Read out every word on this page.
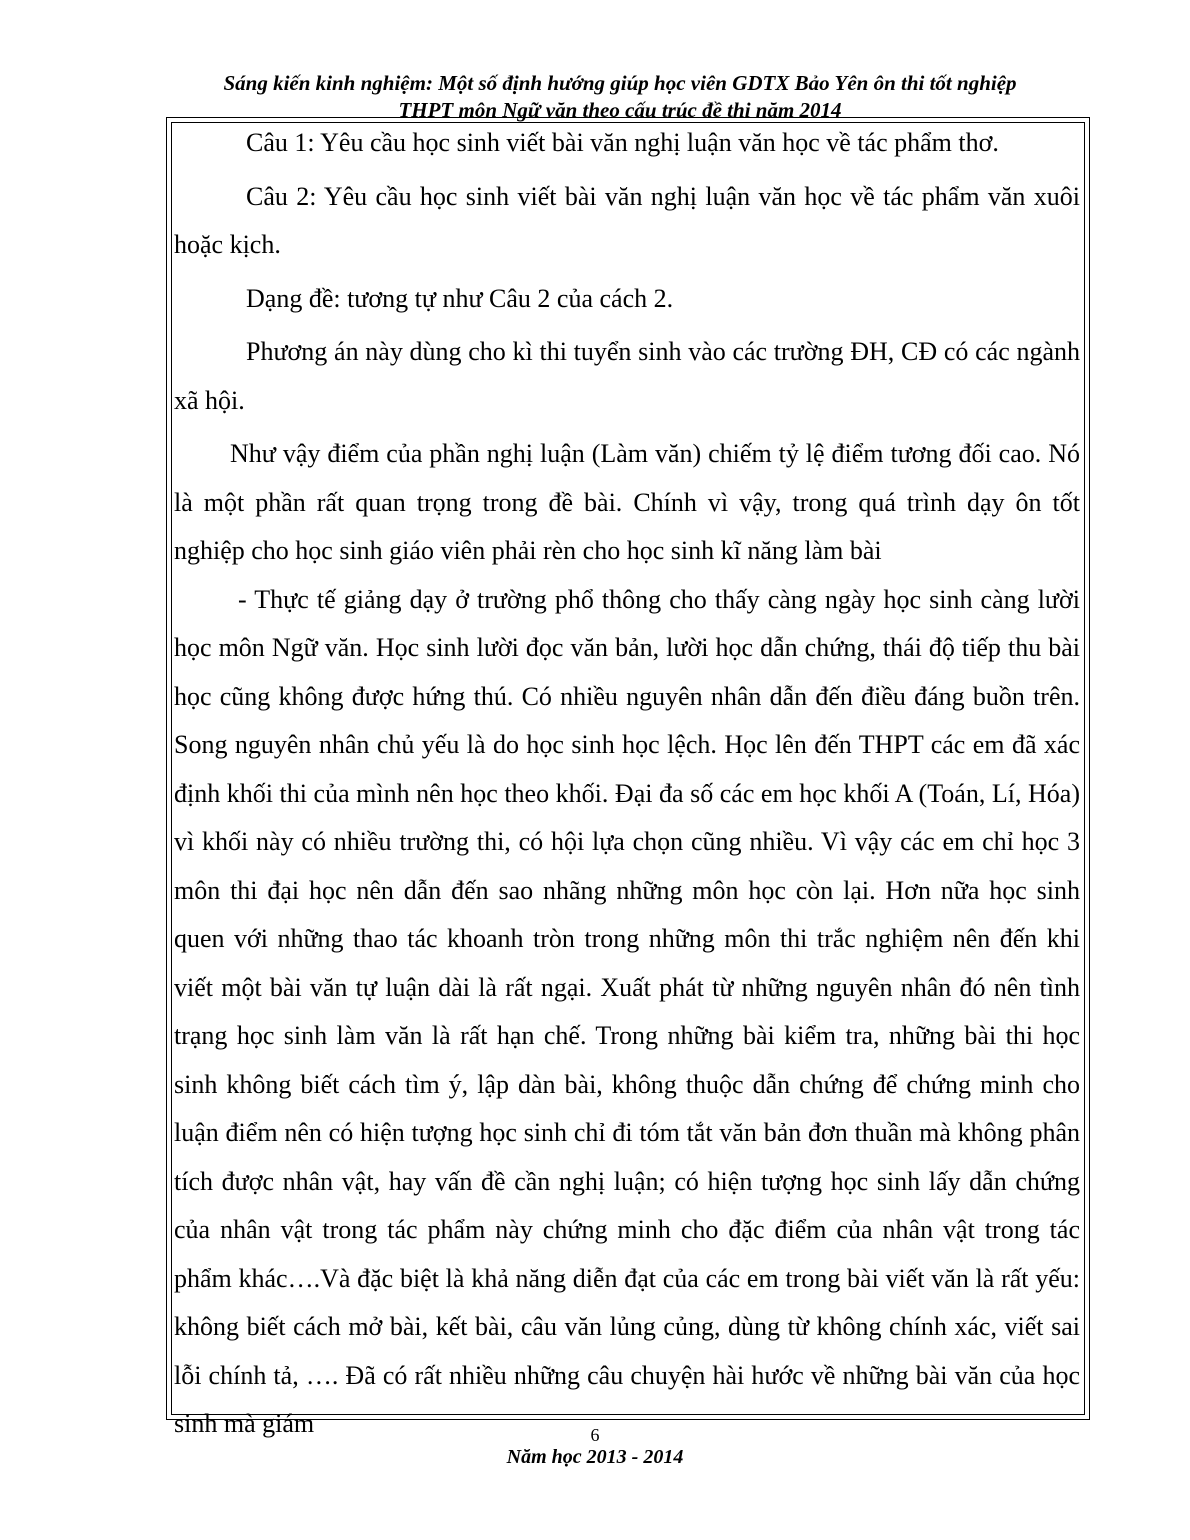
Sáng kiến kinh nghiệm: Một số định hướng giúp học viên GDTX Bảo Yên ôn thi tốt nghiệp
THPT môn Ngữ văn theo cấu trúc đề thi năm 2014

Câu 1: Yêu cầu học sinh viết bài văn nghị luận văn học về tác phẩm thơ.

Câu 2: Yêu cầu học sinh viết bài văn nghị luận văn học về tác phẩm văn xuôi hoặc kịch.

Dạng đề: tương tự như Câu 2 của cách 2.

Phương án này dùng cho kì thi tuyển sinh vào các trường ĐH, CĐ có các ngành xã hội.

Như vậy điểm của phần nghị luận (Làm văn) chiếm tỷ lệ điểm tương đối cao. Nó là một phần rất quan trọng trong đề bài. Chính vì vậy, trong quá trình dạy ôn tốt nghiệp cho học sinh giáo viên phải rèn cho học sinh kĩ năng làm bài

- Thực tế giảng dạy ở trường phổ thông cho thấy càng ngày học sinh càng lười học môn Ngữ văn. Học sinh lười đọc văn bản, lười học dẫn chứng, thái độ tiếp thu bài học cũng không được hứng thú. Có nhiều nguyên nhân dẫn đến điều đáng buồn trên. Song nguyên nhân chủ yếu là do học sinh học lệch. Học lên đến THPT các em đã xác định khối thi của mình nên học theo khối. Đại đa số các em học khối A (Toán, Lí, Hóa) vì khối này có nhiều trường thi, có hội lựa chọn cũng nhiều. Vì vậy các em chỉ học 3 môn thi đại học nên dẫn đến sao nhãng những môn học còn lại. Hơn nữa học sinh quen với những thao tác khoanh tròn trong những môn thi trắc nghiệm nên đến khi viết một bài văn tự luận dài là rất ngại. Xuất phát từ những nguyên nhân đó nên tình trạng học sinh làm văn là rất hạn chế. Trong những bài kiểm tra, những bài thi học sinh không biết cách tìm ý, lập dàn bài, không thuộc dẫn chứng để chứng minh cho luận điểm nên có hiện tượng học sinh chỉ đi tóm tắt văn bản đơn thuần mà không phân tích được nhân vật, hay vấn đề cần nghị luận; có hiện tượng học sinh lấy dẫn chứng của nhân vật trong tác phẩm này chứng minh cho đặc điểm của nhân vật trong tác phẩm khác….Và đặc biệt là khả năng diễn đạt của các em trong bài viết văn là rất yếu: không biết cách mở bài, kết bài, câu văn lủng củng, dùng từ không chính xác, viết sai lỗi chính tả, …. Đã có rất nhiều những câu chuyện hài hước về những bài văn của học sinh mà giám	6
Năm học 2013 - 2014
